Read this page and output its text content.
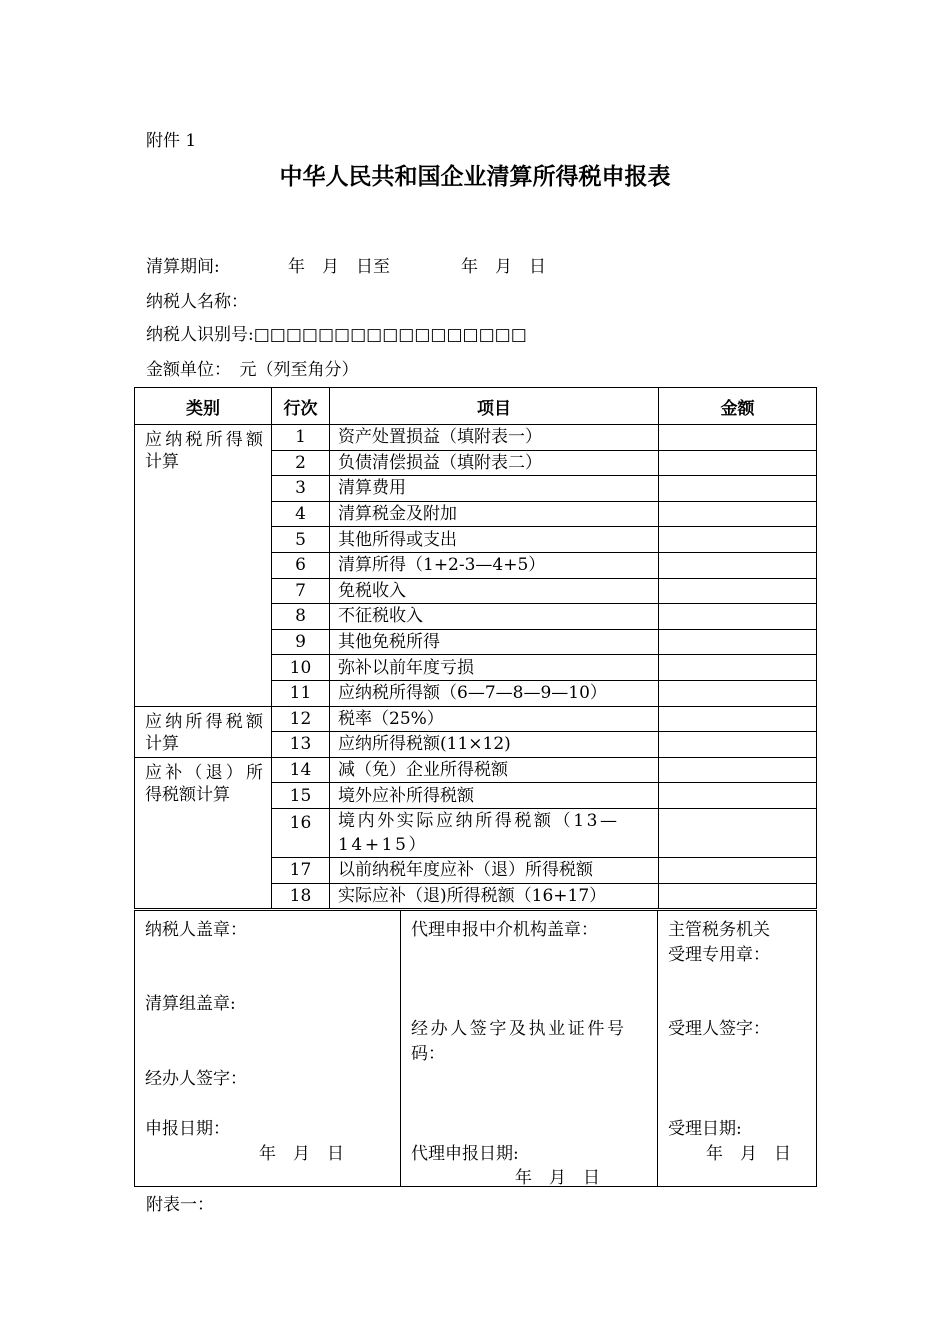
附件 1
中华人民共和国企业清算所得税申报表
清算期间:	年　月　日至	年　月　日
纳税人名称：
纳税人识别号:□□□□□□□□□□□□□□□□□
金额单位：　元（列至角分）
类别	行次	项目	金额
应纳税所得额计算	1	资产处置损益（填附表一）	
	2	负债清偿损益（填附表二）	
	3	清算费用	
	4	清算税金及附加	
	5	其他所得或支出	
	6	清算所得（1+2-3—4+5）	
	7	免税收入	
	8	不征税收入	
	9	其他免税所得	
	10	弥补以前年度亏损	
	11	应纳税所得额（6—7—8—9—10）	
应纳所得税额计算	12	税率（25%）	
	13	应纳所得税额(11×12)	
应补（退）所得税额计算	14	减（免）企业所得税额	
	15	境外应补所得税额	
	16	境内外实际应纳所得税额（13—14+15）	
	17	以前纳税年度应补（退）所得税额	
	18	实际应补（退)所得税额（16+17）	
纳税人盖章：
清算组盖章:
经办人签字：
申报日期：
年　月　日

代理申报中介机构盖章：
经办人签字及执业证件号
码：
代理申报日期:
年　月　日

主管税务机关
受理专用章：
受理人签字：
受理日期:
年　月　日
附表一：
